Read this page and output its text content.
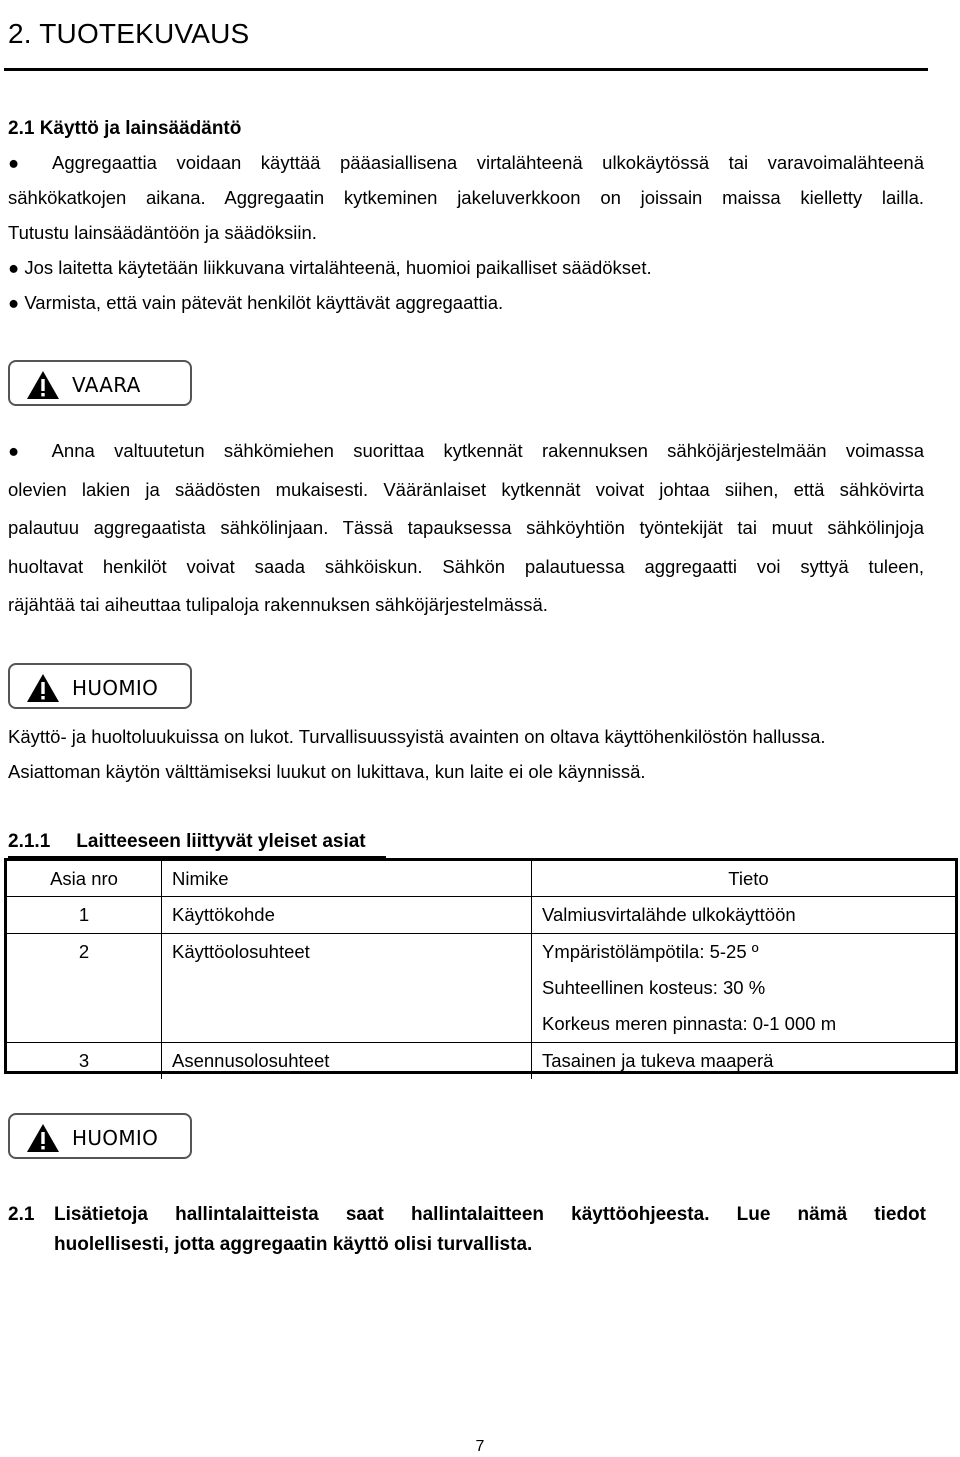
2. TUOTEKUVAUS
2.1 Käyttö ja lainsäädäntö
● Aggregaattia voidaan käyttää pääasiallisena virtalähteenä ulkokäytössä tai varavoimalähteenä
sähkökatkojen aikana. Aggregaatin kytkeminen jakeluverkkoon on joissain maissa kielletty lailla.
Tutustu lainsäädäntöön ja säädöksiin.
● Jos laitetta käytetään liikkuvana virtalähteenä, huomioi paikalliset säädökset.
● Varmista, että vain pätevät henkilöt käyttävät aggregaattia.
VAARA
● Anna valtuutetun sähkömiehen suorittaa kytkennät rakennuksen sähköjärjestelmään voimassa
olevien lakien ja säädösten mukaisesti. Vääränlaiset kytkennät voivat johtaa siihen, että sähkövirta
palautuu aggregaatista sähkölinjaan. Tässä tapauksessa sähköyhtiön työntekijät tai muut sähkölinjoja
huoltavat henkilöt voivat saada sähköiskun. Sähkön palautuessa aggregaatti voi syttyä tuleen,
räjähtää tai aiheuttaa tulipaloja rakennuksen sähköjärjestelmässä.
HUOMIO
Käyttö- ja huoltoluukuissa on lukot. Turvallisuussyistä avainten on oltava käyttöhenkilöstön hallussa.
Asiattoman käytön välttämiseksi luukut on lukittava, kun laite ei ole käynnissä.
2.1.1 Laitteeseen liittyvät yleiset asiat
Asia nro	Nimike	Tieto
1	Käyttökohde	Valmiusvirtalähde ulkokäyttöön
2	Käyttöolosuhteet	Ympäristölämpötila: 5-25 º
Suhteellinen kosteus: 30 %
Korkeus meren pinnasta: 0-1 000 m

3	Asennusolosuhteet	Tasainen ja tukeva maaperä
HUOMIO
2.1	Lisätietoja hallintalaitteista saat hallintalaitteen käyttöohjeesta. Lue nämä tiedot
huolellisesti, jotta aggregaatin käyttö olisi turvallista.
7
